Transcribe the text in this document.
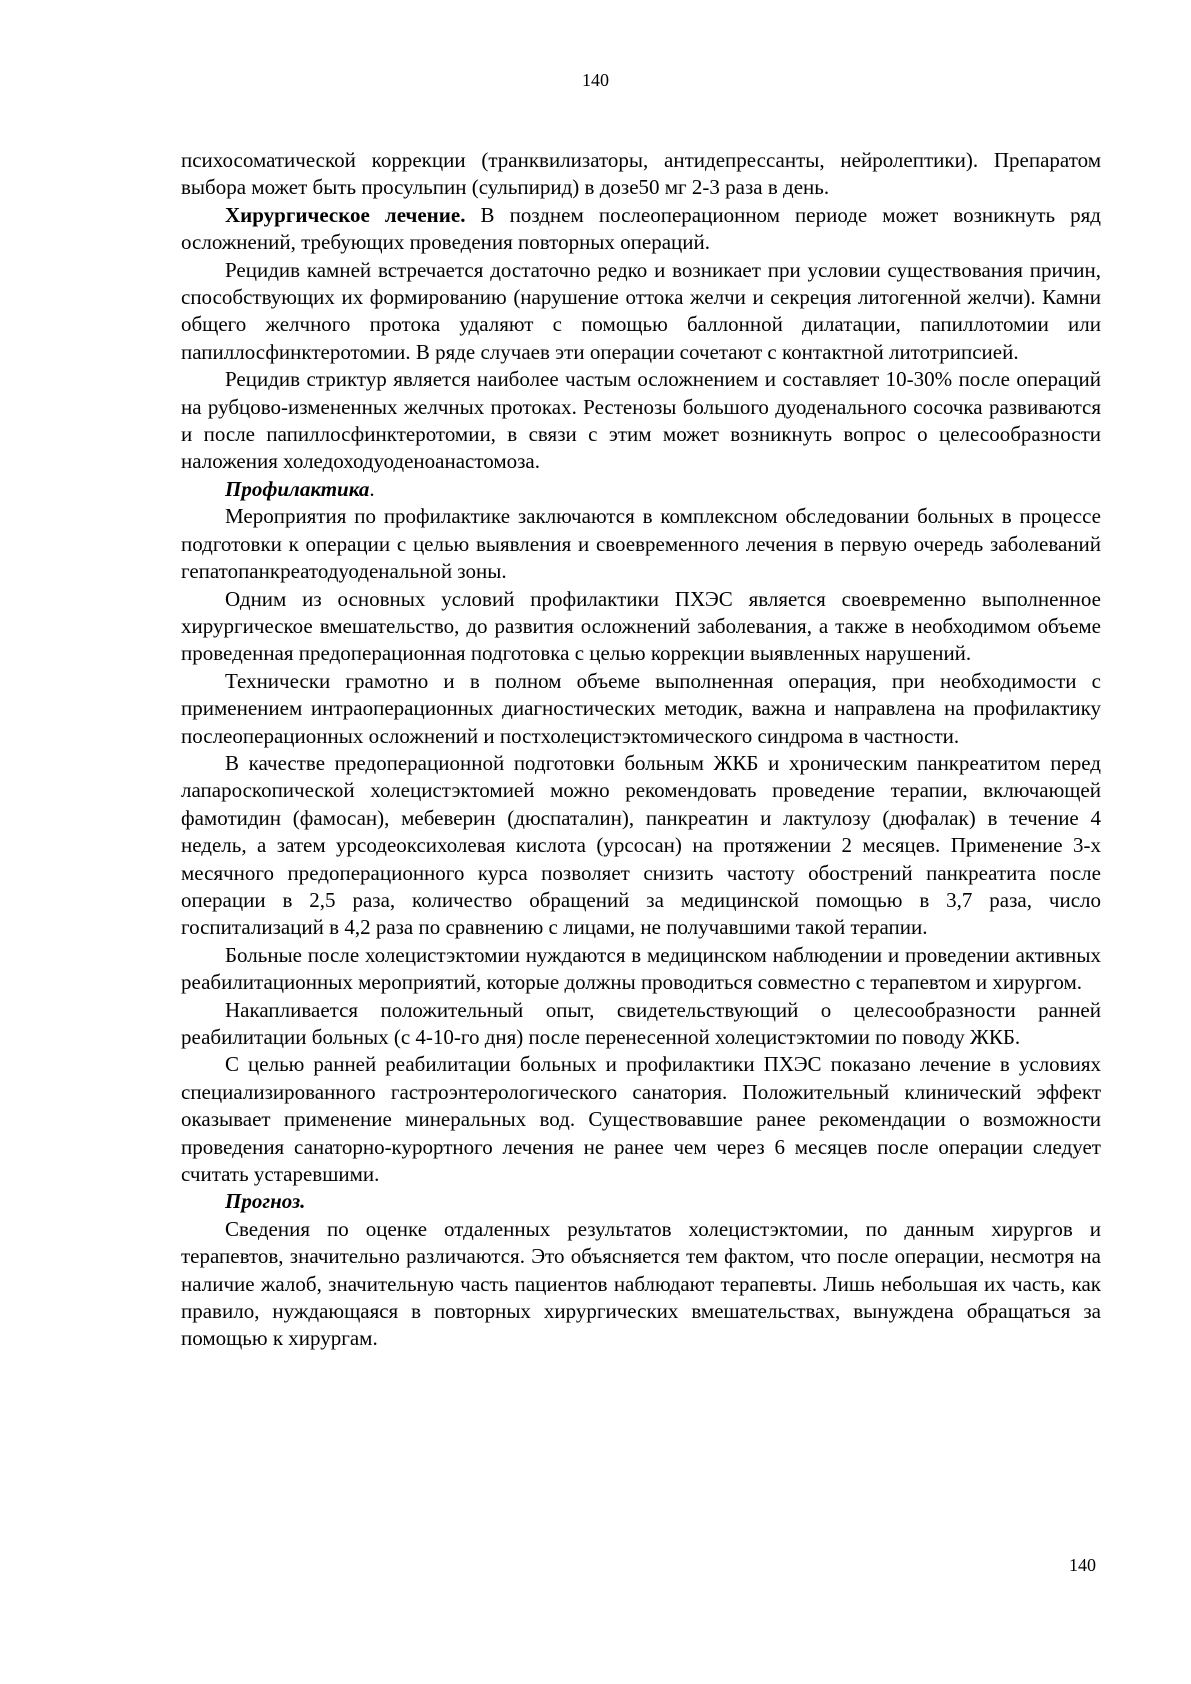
140

психосоматической коррекции (транквилизаторы, антидепрессанты, нейролептики). Препаратом выбора может быть просульпин (сульпирид) в дозе50 мг 2-3 раза в день.

Хирургическое лечение. В позднем послеоперационном периоде может возникнуть ряд осложнений, требующих проведения повторных операций.

Рецидив камней встречается достаточно редко и возникает при условии существования причин, способствующих их формированию (нарушение оттока желчи и секреция литогенной желчи). Камни общего желчного протока удаляют с помощью баллонной дилатации, папиллотомии или папиллосфинктеротомии. В ряде случаев эти операции сочетают с контактной литотрипсией.

Рецидив стриктур является наиболее частым осложнением и составляет 10-30% после операций на рубцово-измененных желчных протоках. Рестенозы большого дуоденального сосочка развиваются и после папиллосфинктеротомии, в связи с этим может возникнуть вопрос о целесообразности наложения холедоходуоденоанастомоза.

Профилактика.

Мероприятия по профилактике заключаются в комплексном обследовании больных в процессе подготовки к операции с целью выявления и своевременного лечения в первую очередь заболеваний гепатопанкреатодуоденальной зоны.

Одним из основных условий профилактики ПХЭС является своевременно выполненное хирургическое вмешательство, до развития осложнений заболевания, а также в необходимом объеме проведенная предоперационная подготовка с целью коррекции выявленных нарушений.

Технически грамотно и в полном объеме выполненная операция, при необходимости с применением интраоперационных диагностических методик, важна и направлена на профилактику послеоперационных осложнений и постхолецистэктомического синдрома в частности.

В качестве предоперационной подготовки больным ЖКБ и хроническим панкреатитом перед лапароскопической холецистэктомией можно рекомендовать проведение терапии, включающей фамотидин (фамосан), мебеверин (дюспаталин), панкреатин и лактулозу (дюфалак) в течение 4 недель, а затем урсодеоксихолевая кислота (урсосан) на протяжении 2 месяцев. Применение 3-х месячного предоперационного курса позволяет снизить частоту обострений панкреатита после операции в 2,5 раза, количество обращений за медицинской помощью в 3,7 раза, число госпитализаций в 4,2 раза по сравнению с лицами, не получавшими такой терапии.

Больные после холецистэктомии нуждаются в медицинском наблюдении и проведении активных реабилитационных мероприятий, которые должны проводиться совместно с терапевтом и хирургом.

Накапливается положительный опыт, свидетельствующий о целесообразности ранней реабилитации больных (с 4-10-го дня) после перенесенной холецистэктомии по поводу ЖКБ.

С целью ранней реабилитации больных и профилактики ПХЭС показано лечение в условиях специализированного гастроэнтерологического санатория. Положительный клинический эффект оказывает применение минеральных вод. Существовавшие ранее рекомендации о возможности проведения санаторно-курортного лечения не ранее чем через 6 месяцев после операции следует считать устаревшими.

Прогноз.

Сведения по оценке отдаленных результатов холецистэктомии, по данным хирургов и терапевтов, значительно различаются. Это объясняется тем фактом, что после операции, несмотря на наличие жалоб, значительную часть пациентов наблюдают терапевты. Лишь небольшая их часть, как правило, нуждающаяся в повторных хирургических вмешательствах, вынуждена обращаться за помощью к хирургам.

140
